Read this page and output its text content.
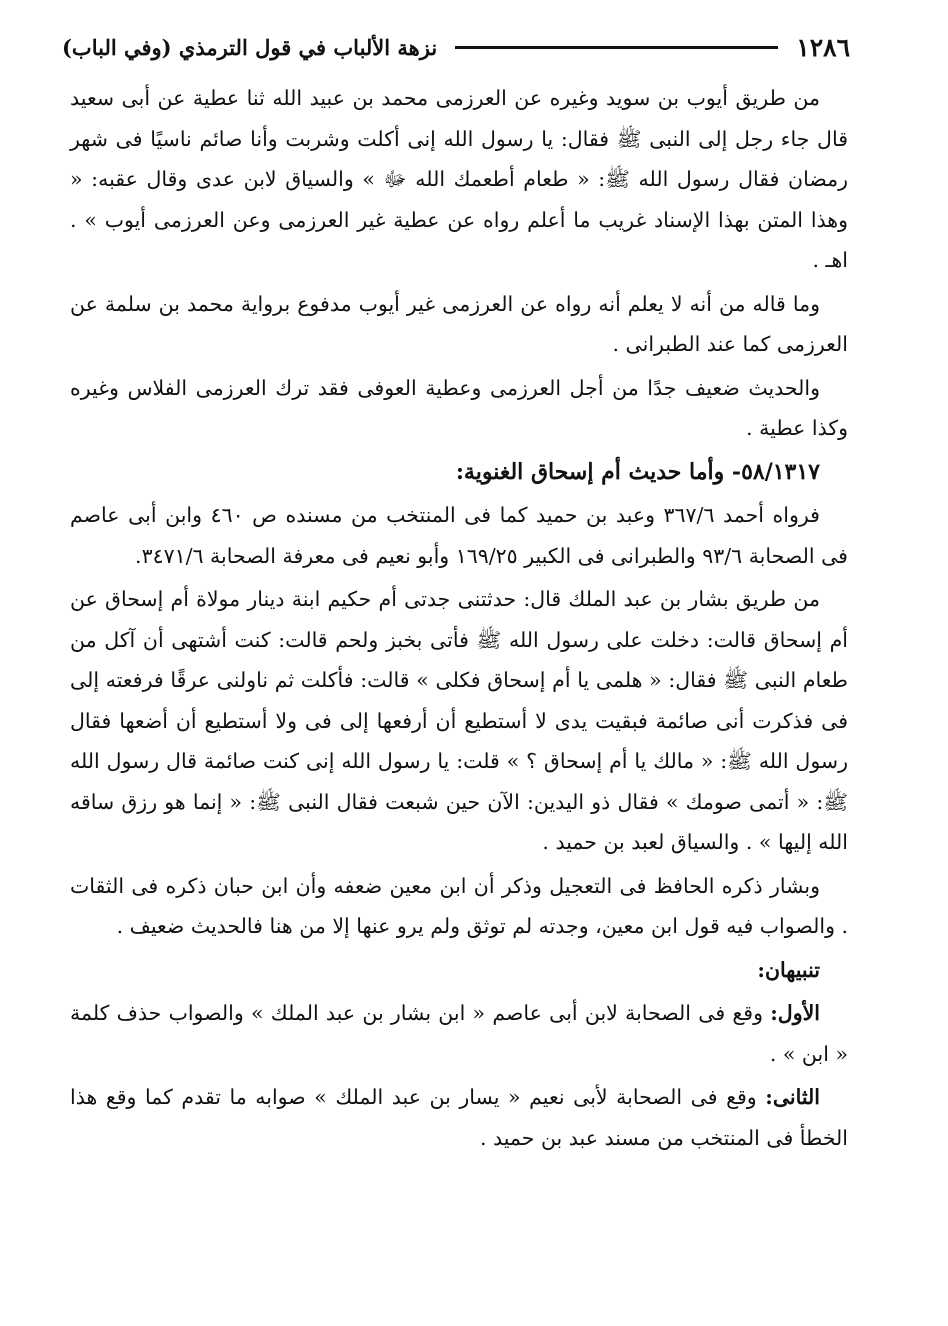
١٢٨٦
نزهة الألباب في قول الترمذي (وفي الباب)

من طريق أيوب بن سويد وغيره عن العرزمى محمد بن عبيد الله ثنا عطية عن أبى سعيد قال جاء رجل إلى النبى ﷺ فقال: يا رسول الله إنى أكلت وشربت وأنا صائم ناسيًا فى شهر رمضان فقال رسول الله ﷺ: « طعام أطعمك الله ﷻ » والسياق لابن عدى وقال عقبه: « وهذا المتن بهذا الإسناد غريب ما أعلم رواه عن عطية غير العرزمى وعن العرزمى أيوب » . اهـ .

وما قاله من أنه لا يعلم أنه رواه عن العرزمى غير أيوب مدفوع برواية محمد بن سلمة عن العرزمى كما عند الطبرانى .

والحديث ضعيف جدًا من أجل العرزمى وعطية العوفى فقد ترك العرزمى الفلاس وغيره وكذا عطية .

٥٨/١٣١٧- وأما حديث أم إسحاق الغنوية:

فرواه أحمد ٣٦٧/٦ وعبد بن حميد كما فى المنتخب من مسنده ص ٤٦٠ وابن أبى عاصم فى الصحابة ٩٣/٦ والطبرانى فى الكبير ١٦٩/٢٥ وأبو نعيم فى معرفة الصحابة ٣٤٧١/٦.

من طريق بشار بن عبد الملك قال: حدثتنى جدتى أم حكيم ابنة دينار مولاة أم إسحاق عن أم إسحاق قالت: دخلت على رسول الله ﷺ فأتى بخبز ولحم قالت: كنت أشتهى أن آكل من طعام النبى ﷺ فقال: « هلمى يا أم إسحاق فكلى » قالت: فأكلت ثم ناولنى عرقًا فرفعته إلى فى فذكرت أنى صائمة فبقيت يدى لا أستطيع أن أرفعها إلى فى ولا أستطيع أن أضعها فقال رسول الله ﷺ: « مالك يا أم إسحاق ؟ » قلت: يا رسول الله إنى كنت صائمة قال رسول الله ﷺ: « أتمى صومك » فقال ذو اليدين: الآن حين شبعت فقال النبى ﷺ: « إنما هو رزق ساقه الله إليها » . والسياق لعبد بن حميد .

وبشار ذكره الحافظ فى التعجيل وذكر أن ابن معين ضعفه وأن ابن حبان ذكره فى الثقات . والصواب فيه قول ابن معين، وجدته لم توثق ولم يرو عنها إلا من هنا فالحديث ضعيف .

تنبيهان:

الأول: وقع فى الصحابة لابن أبى عاصم « ابن بشار بن عبد الملك » والصواب حذف كلمة « ابن » .

الثانى: وقع فى الصحابة لأبى نعيم « يسار بن عبد الملك » صوابه ما تقدم كما وقع هذا الخطأ فى المنتخب من مسند عبد بن حميد .
